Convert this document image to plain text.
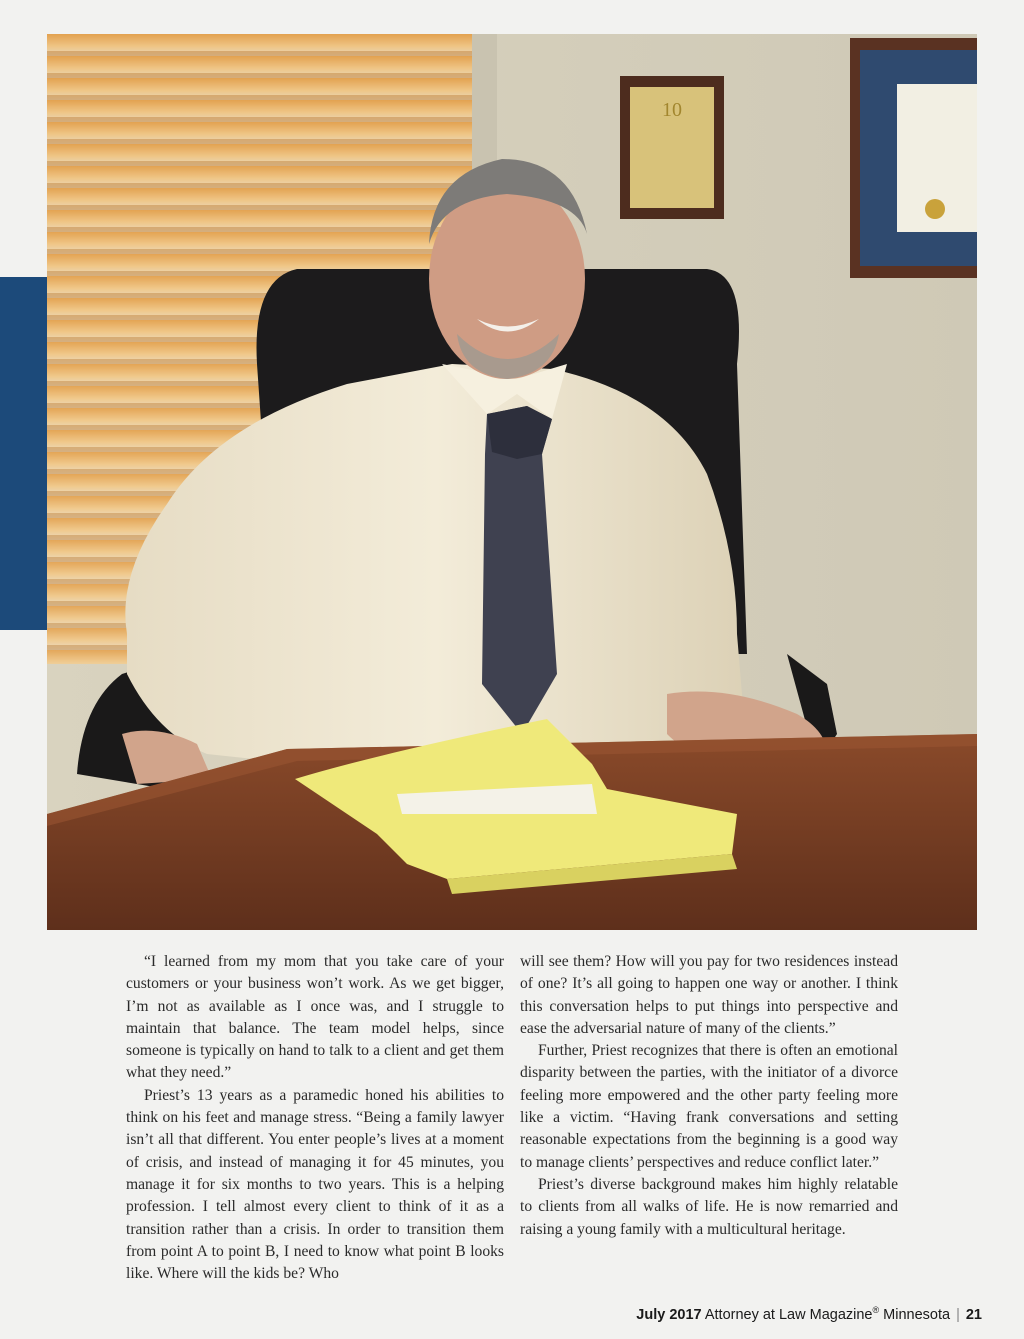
10

“I learned from my mom that you take care of your customers or your business won’t work. As we get bigger, I’m not as available as I once was, and I struggle to maintain that balance. The team model helps, since someone is typically on hand to talk to a client and get them what they need.”

Priest’s 13 years as a paramedic honed his abilities to think on his feet and manage stress. “Being a family lawyer isn’t all that different. You enter people’s lives at a moment of crisis, and instead of managing it for 45 minutes, you manage it for six months to two years. This is a helping profession. I tell almost every client to think of it as a transition rather than a crisis. In order to transition them from point A to point B, I need to know what point B looks like. Where will the kids be? Who

will see them? How will you pay for two residences instead of one? It’s all going to happen one way or another. I think this conversation helps to put things into perspective and ease the adversarial nature of many of the clients.”

Further, Priest recognizes that there is often an emotional disparity between the parties, with the initiator of a divorce feeling more empowered and the other party feeling more like a victim. “Having frank conversations and setting reasonable expectations from the beginning is a good way to manage clients’ perspectives and reduce conflict later.”

Priest’s diverse background makes him highly relatable to clients from all walks of life. He is now remarried and raising a young family with a multicultural heritage.

July 2017 Attorney at Law Magazine® Minnesota | 21
